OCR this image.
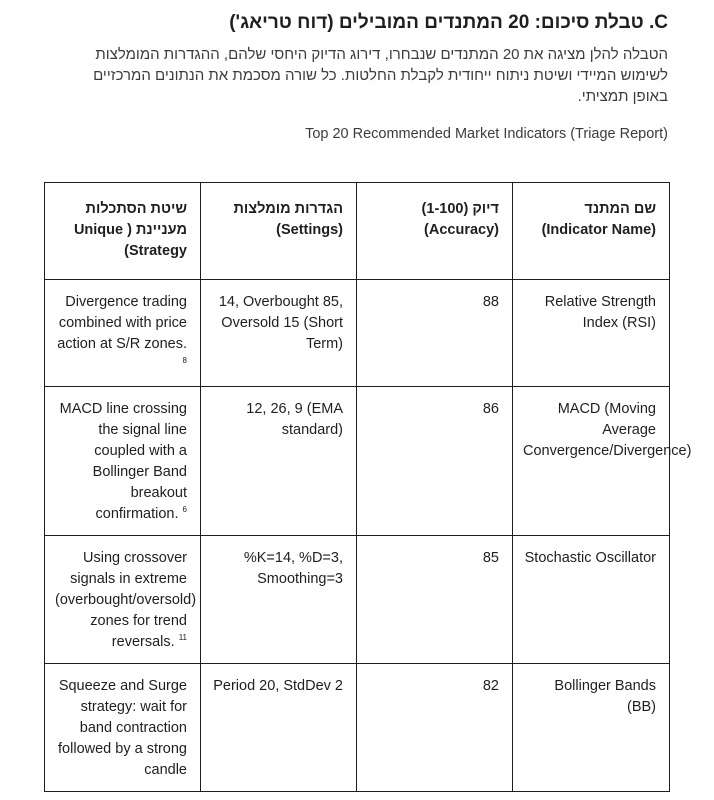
C. טבלת סיכום: 20 המתנדים המובילים (דוח טריאג')

הטבלה להלן מציגה את 20 המתנדים שנבחרו, דירוג הדיוק היחסי שלהם, ההגדרות המומלצות לשימוש המיידי ושיטת ניתוח ייחודית לקבלת החלטות. כל שורה מסכמת את הנתונים המרכזיים באופן תמציתי.

Top 20 Recommended Market Indicators (Triage Report)

שיטת הסתכלות מעניינת ( Unique Strategy)	הגדרות מומלצות (Settings)	דיוק (1-100) (Accuracy)	שם המתנד (Indicator Name)
Divergence trading combined with price action at S/R zones. $^8$	14, Overbought 85, Oversold 15 (Short Term)	88	Relative Strength Index (RSI)
MACD line crossing the signal line coupled with a Bollinger Band breakout confirmation. $^6$	12, 26, 9 (EMA standard)	86	MACD (Moving Average Convergence/Divergence)
Using crossover signals in extreme (overbought/oversold) zones for trend reversals. $^{11}$	%K=14, %D=3, Smoothing=3	85	Stochastic Oscillator
Squeeze and Surge strategy: wait for band contraction followed by a strong candle	Period 20, StdDev 2	82	Bollinger Bands (BB)
